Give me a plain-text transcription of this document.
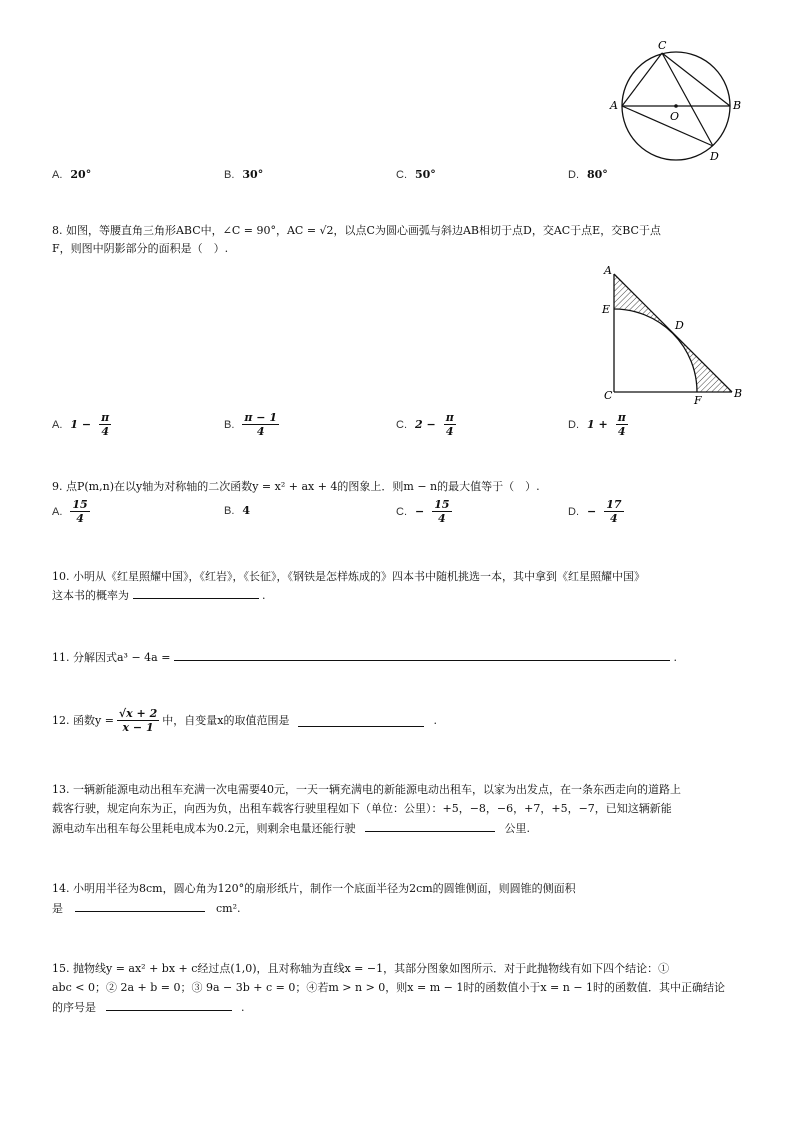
C
A
O
B
D
A. 20°	B. 30°	C. 50°	D. 80°
8. 如图，等腰直角三角形ABC中，∠C = 90°，AC = √2，以点C为圆心画弧与斜边AB相切于点D，交AC于点E，交BC于点
F，则图中阴影部分的面积是（　）.
A
E
D
C	F
B
A. $1 - \frac{\pi}{4}$	B. $\frac{\pi - 1}{4}$	C. $2 - \frac{\pi}{4}$	D. $1 + \frac{\pi}{4}$
9. 点P(m,n)在以y轴为对称轴的二次函数y = x² + ax + 4的图象上．则m − n的最大值等于（　）.
A. $\frac{15}{4}$	B. 4	C. − $\frac{15}{4}$	D. − $\frac{17}{4}$
10. 小明从《红星照耀中国》，《红岩》，《长征》，《钢铁是怎样炼成的》四本书中随机挑选一本，其中拿到《红星照耀中国》
这本书的概率为	.
11. 分解因式a³ − 4a =	.
12. 函数$y = \frac{√x + 2}{x - 1}$ 中，自变量x的取值范围是	.
13. 一辆新能源电动出租车充满一次电需要40元，一天一辆充满电的新能源电动出租车，以家为出发点，在一条东西走向的道路上
载客行驶，规定向东为正，向西为负，出租车载客行驶里程如下（单位：公里）：+5，−8，−6，+7，+5，−7，已知这辆新能
源电动车出租车每公里耗电成本为0.2元，则剩余电量还能行驶	公里.
14. 小明用半径为8cm，圆心角为120°的扇形纸片，制作一个底面半径为2cm的圆锥侧面，则圆锥的侧面积
是	cm².
15. 抛物线y = ax² + bx + c经过点(1,0)，且对称轴为直线x = −1，其部分图象如图所示．对于此抛物线有如下四个结论：①
abc < 0；② 2a + b = 0；③ 9a − 3b + c = 0；④若m > n > 0，则x = m − 1时的函数值小于x = n − 1时的函数值．其中正确结论
的序号是	.
